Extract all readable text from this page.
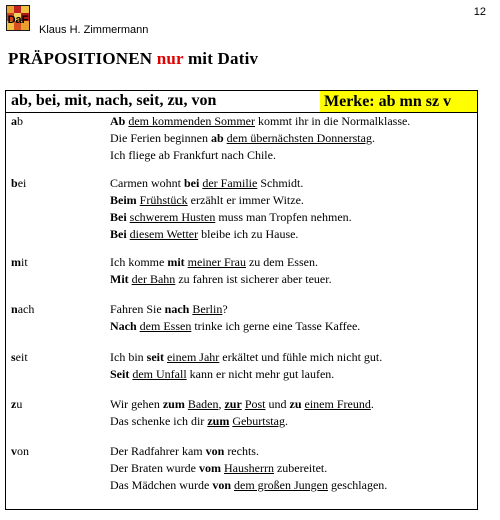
DaF
Klaus H. Zimmermann
12
PRÄPOSITIONEN nur mit Dativ
ab, bei, mit, nach, seit, zu, von	Merke: ab mn sz v
ab	Ab dem kommenden Sommer kommt ihr in die Normalklasse.
Die Ferien beginnen ab dem übernächsten Donnerstag.
Ich fliege ab Frankfurt nach Chile.
bei	Carmen wohnt bei der Familie Schmidt.
Beim Frühstück erzählt er immer Witze.
Bei schwerem Husten muss man Tropfen nehmen.
Bei diesem Wetter bleibe ich zu Hause.
mit	Ich komme mit meiner Frau zu dem Essen.
Mit der Bahn zu fahren ist sicherer aber teuer.
nach	Fahren Sie nach Berlin?
Nach dem Essen trinke ich gerne eine Tasse Kaffee.
seit	Ich bin seit einem Jahr erkältet und fühle mich nicht gut.
Seit dem Unfall kann er nicht mehr gut laufen.
zu	Wir gehen zum Baden, zur Post und zu einem Freund.
Das schenke ich dir zum Geburtstag.
von	Der Radfahrer kam von rechts.
Der Braten wurde vom Hausherrn zubereitet.
Das Mädchen wurde von dem großen Jungen geschlagen.
